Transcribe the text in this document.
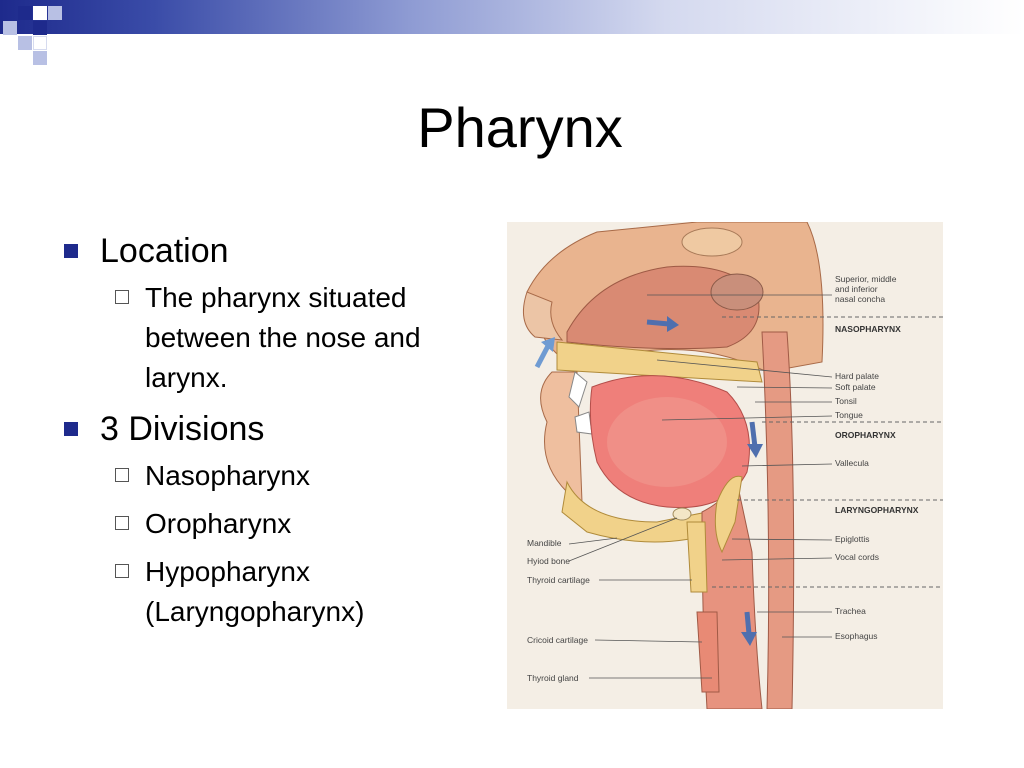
Pharynx
Location
The pharynx situated between the nose and larynx.
3 Divisions
Nasopharynx
Oropharynx
Hypopharynx (Laryngopharynx)
Superior, middle
and inferior
nasal concha
NASOPHARYNX
Hard palate
Soft palate
Tonsil
Tongue
OROPHARYNX
Vallecula
LARYNGOPHARYNX
Epiglottis
Vocal cords
Trachea
Esophagus
Mandible
Hyiod bone
Thyroid cartilage
Cricoid cartilage
Thyroid gland
